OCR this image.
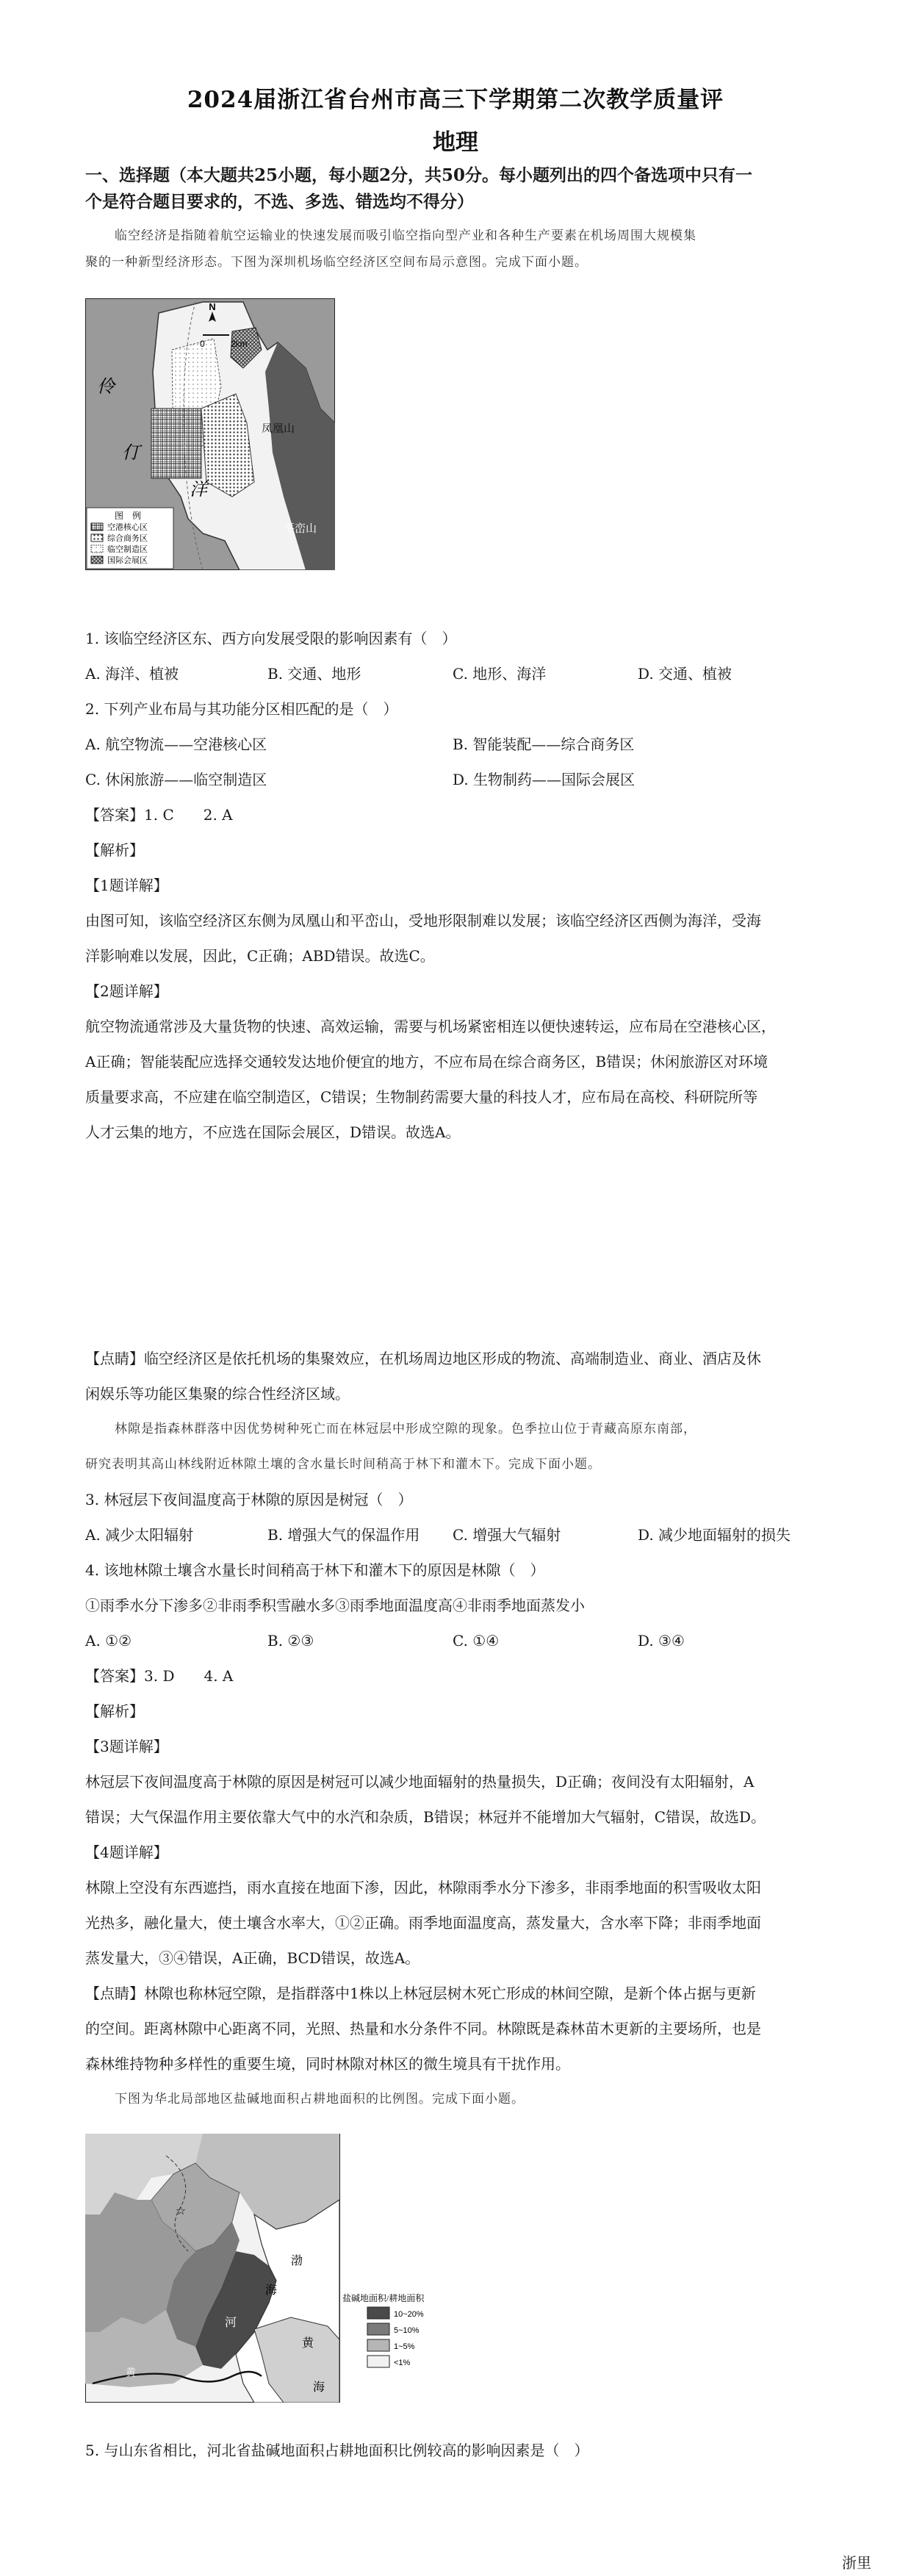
2024届浙江省台州市高三下学期第二次教学质量评
地理
一、选择题（本大题共25小题，每小题2分，共50分。每小题列出的四个备选项中只有一
个是符合题目要求的，不选、多选、错选均不得分）
临空经济是指随着航空运输业的快速发展而吸引临空指向型产业和各种生产要素在机场周围大规模集
聚的一种新型经济形态。下图为深圳机场临空经济区空间布局示意图。完成下面小题。
图　例
空港核心区
综合商务区
临空制造区
国际会展区
N
0	2km
伶
仃
洋
凤凰山
平峦山
1. 该临空经济区东、西方向发展受限的影响因素有（　）
A. 海洋、植被	B. 交通、地形	C. 地形、海洋	D. 交通、植被
2. 下列产业布局与其功能分区相匹配的是（　）
A. 航空物流——空港核心区	B. 智能装配——综合商务区
C. 休闲旅游——临空制造区	D. 生物制药——国际会展区
【答案】1. C　　2. A
【解析】
【1题详解】
由图可知，该临空经济区东侧为凤凰山和平峦山，受地形限制难以发展；该临空经济区西侧为海洋，受海
洋影响难以发展，因此，C正确；ABD错误。故选C。
【2题详解】
航空物流通常涉及大量货物的快速、高效运输，需要与机场紧密相连以便快速转运，应布局在空港核心区，
A正确；智能装配应选择交通较发达地价便宜的地方，不应布局在综合商务区，B错误；休闲旅游区对环境
质量要求高，不应建在临空制造区，C错误；生物制药需要大量的科技人才，应布局在高校、科研院所等
人才云集的地方，不应选在国际会展区，D错误。故选A。
【点睛】临空经济区是依托机场的集聚效应，在机场周边地区形成的物流、高端制造业、商业、酒店及休
闲娱乐等功能区集聚的综合性经济区域。
林隙是指森林群落中因优势树种死亡而在林冠层中形成空隙的现象。色季拉山位于青藏高原东南部，
研究表明其高山林线附近林隙土壤的含水量长时间稍高于林下和灌木下。完成下面小题。
3. 林冠层下夜间温度高于林隙的原因是树冠（　）
A. 减少太阳辐射	B. 增强大气的保温作用 C. 增强大气辐射	D. 减少地面辐射的损失
4. 该地林隙土壤含水量长时间稍高于林下和灌木下的原因是林隙（　）
①雨季水分下渗多②非雨季积雪融水多③雨季地面温度高④非雨季地面蒸发小
A. ①②	B. ②③	C. ①④	D. ③④
【答案】3. D　　4. A
【解析】
【3题详解】
林冠层下夜间温度高于林隙的原因是树冠可以减少地面辐射的热量损失，D正确；夜间没有太阳辐射，A
错误；大气保温作用主要依靠大气中的水汽和杂质，B错误；林冠并不能增加大气辐射，C错误，故选D。
【4题详解】
林隙上空没有东西遮挡，雨水直接在地面下渗，因此，林隙雨季水分下渗多，非雨季地面的积雪吸收太阳
光热多，融化量大，使土壤含水率大，①②正确。雨季地面温度高，蒸发量大，含水率下降；非雨季地面
蒸发量大，③④错误，A正确，BCD错误，故选A。
【点睛】林隙也称林冠空隙，是指群落中1株以上林冠层树木死亡形成的林间空隙，是新个体占据与更新
的空间。距离林隙中心距离不同，光照、热量和水分条件不同。林隙既是森林苗木更新的主要场所，也是
森林维持物种多样性的重要生境，同时林隙对林区的微生境具有干扰作用。
下图为华北局部地区盐碱地面积占耕地面积的比例图。完成下面小题。
☆
渤
海
河
黄
海
黄
盐碱地面积/耕地面积
10~20%
5~10%
1~5%
<1%
5. 与山东省相比，河北省盐碱地面积占耕地面积比例较高的影响因素是（　）
浙里
